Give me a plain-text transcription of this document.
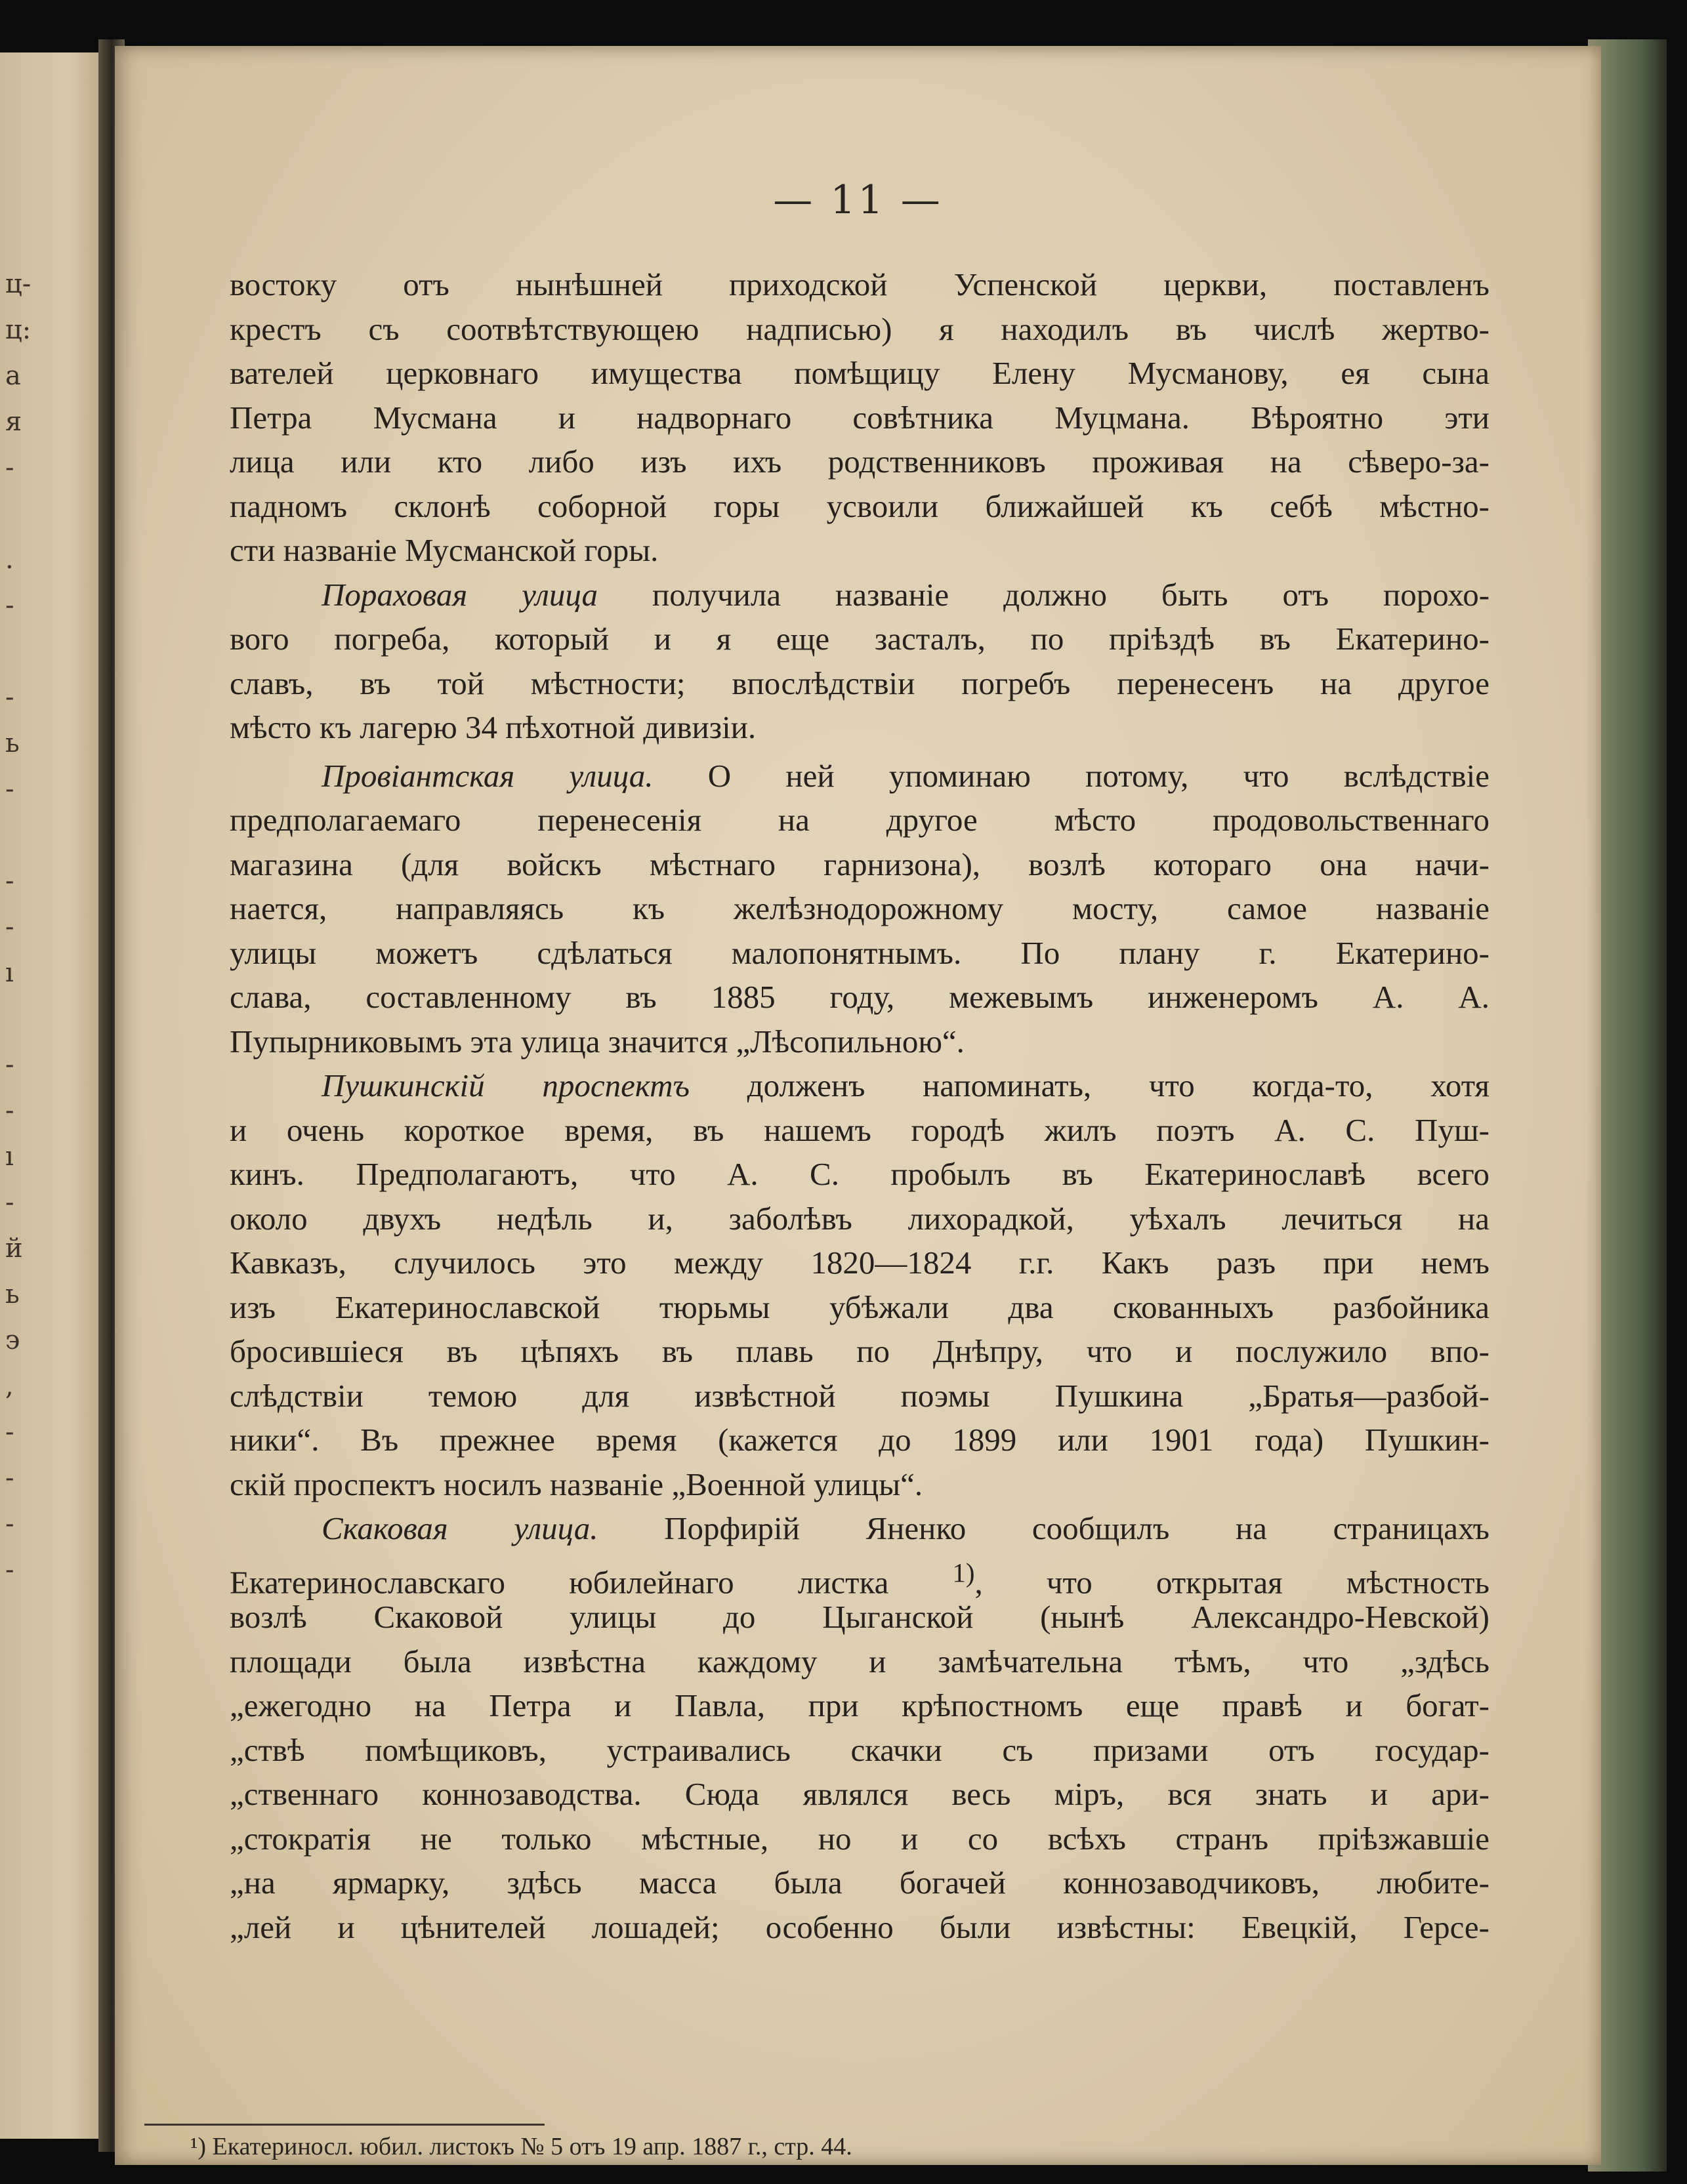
ц-
ц:
а
я
-
.
-
-
ь
-
-
-
ı
-
-
ı
-
й
ь
э
,
-
-
-
-
— 11 —
востоку отъ нынѣшней приходской Успенской церкви, поставленъ
крестъ съ соотвѣтствующею надписью) я находилъ въ числѣ жертво-
вателей церковнаго имущества помѣщицу Елену Мусманову, ея сына
Петра Мусмана и надворнаго совѣтника Муцмана. Вѣроятно эти
лица или кто либо изъ ихъ родственниковъ проживая на сѣверо-за-
падномъ склонѣ соборной горы усвоили ближайшей къ себѣ мѣстно-
сти названіе Мусманской горы.
Пораховая улица получила названіе должно быть отъ порохо-
вого погреба, который и я еще засталъ, по пріѣздѣ въ Екатерино-
славъ, въ той мѣстности; впослѣдствіи погребъ перенесенъ на другое
мѣсто къ лагерю 34 пѣхотной дивизіи.
Провіантская улица. О ней упоминаю потому, что вслѣдствіе
предполагаемаго перенесенія на другое мѣсто продовольственнаго
магазина (для войскъ мѣстнаго гарнизона), возлѣ котораго она начи-
нается, направляясь къ желѣзнодорожному мосту, самое названіе
улицы можетъ сдѣлаться малопонятнымъ. По плану г. Екатерино-
слава, составленному въ 1885 году, межевымъ инженеромъ А. А.
Пупырниковымъ эта улица значится „Лѣсопильною“.
Пушкинскій проспектъ долженъ напоминать, что когда-то, хотя
и очень короткое время, въ нашемъ городѣ жилъ поэтъ А. С. Пуш-
кинъ. Предполагаютъ, что А. С. пробылъ въ Екатеринославѣ всего
около двухъ недѣль и, заболѣвъ лихорадкой, уѣхалъ лечиться на
Кавказъ, случилось это между 1820—1824 г.г. Какъ разъ при немъ
изъ Екатеринославской тюрьмы убѣжали два скованныхъ разбойника
бросившіеся въ цѣпяхъ въ плавь по Днѣпру, что и послужило впо-
слѣдствіи темою для извѣстной поэмы Пушкина „Братья—разбой-
ники“. Въ прежнее время (кажется до 1899 или 1901 года) Пушкин-
скій проспектъ носилъ названіе „Военной улицы“.
Скаковая улица. Порфирій Яненко сообщилъ на страницахъ
Екатеринославскаго юбилейнаго листка $^{1)}$, что открытая мѣстность
возлѣ Скаковой улицы до Цыганской (нынѣ Александро-Невской)
площади была извѣстна каждому и замѣчательна тѣмъ, что „здѣсь
„ежегодно на Петра и Павла, при крѣпостномъ еще правѣ и богат-
„ствѣ помѣщиковъ, устраивались скачки съ призами отъ государ-
„ственнаго коннозаводства. Сюда являлся весь міръ, вся знать и ари-
„стократія не только мѣстные, но и со всѣхъ странъ пріѣзжавшіе
„на ярмарку, здѣсь масса была богачей коннозаводчиковъ, любите-
„лей и цѣнителей лошадей; особенно были извѣстны: Евецкій, Герсе-
¹) Екатериносл. юбил. листокъ № 5 отъ 19 апр. 1887 г., стр. 44.
